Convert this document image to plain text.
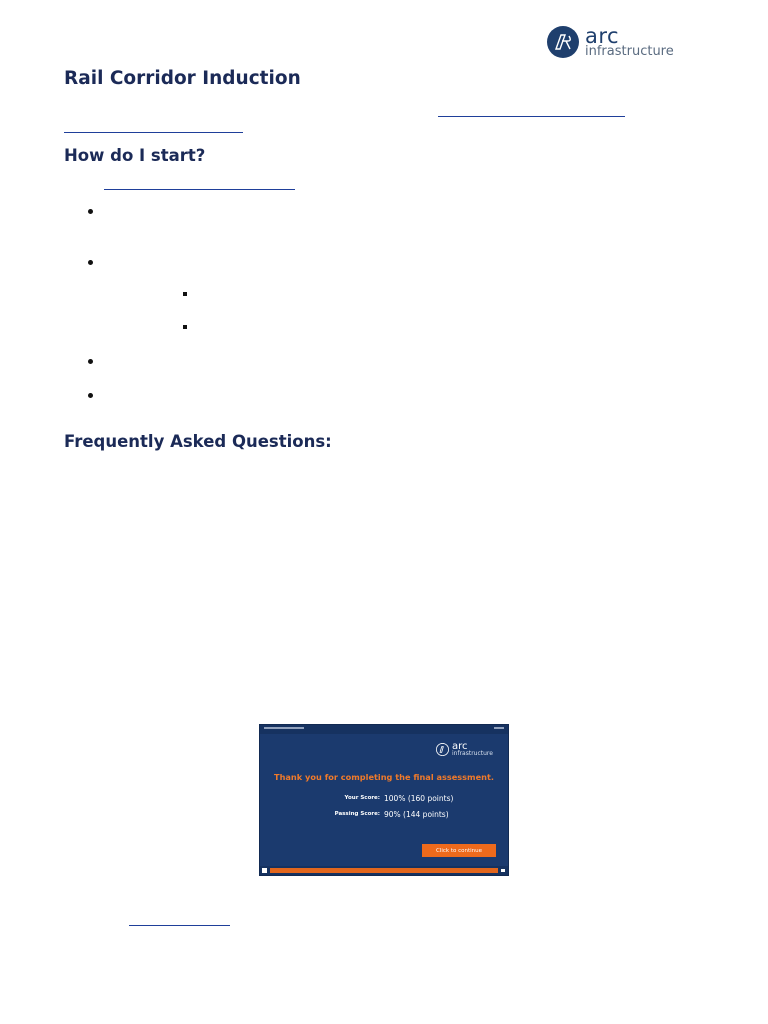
arc
infrastructure
Rail Corridor Induction
How do I start?
Frequently Asked Questions:
arc
infrastructure
Thank you for completing the final assessment.
Your Score: 100% (160 points)
Passing Score: 90% (144 points)
Click to continue
